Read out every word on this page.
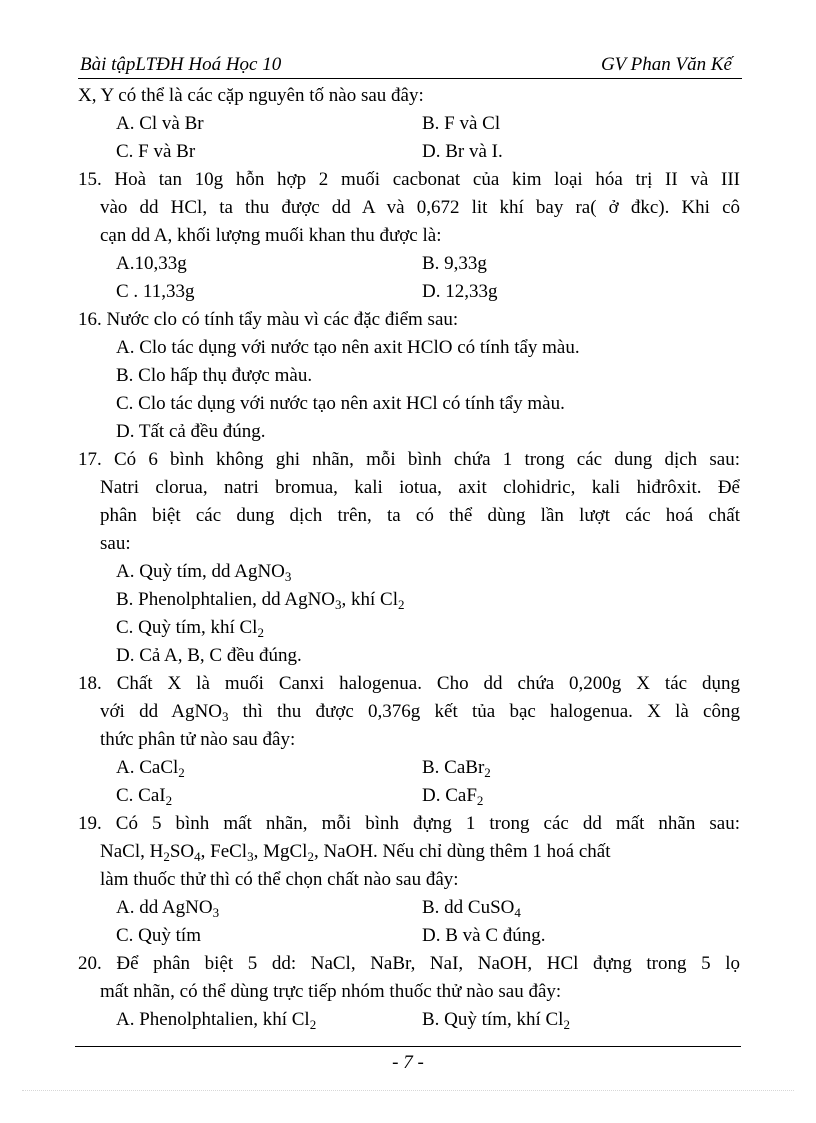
Bài tậpLTĐH Hoá Học 10	GV Phan Văn Kế
X, Y có thể là các cặp nguyên tố nào sau đây:
A. Cl và Br	B. F và Cl
C. F và Br	D. Br và I.
15. Hoà tan 10g hỗn hợp 2 muối cacbonat của kim loại hóa trị II và III
vào dd HCl, ta thu được dd A và 0,672 lit khí bay ra( ở đkc). Khi cô
cạn dd A, khối lượng muối khan thu được là:
A.10,33g	B. 9,33g
C . 11,33g	D. 12,33g
16. Nước clo có tính tẩy màu vì các đặc điểm sau:
A. Clo tác dụng với nước tạo nên axit HClO có tính tẩy màu.
B. Clo hấp thụ được màu.
C. Clo tác dụng với nước tạo nên axit HCl có tính tẩy màu.
D. Tất cả đều đúng.
17. Có 6 bình không ghi nhãn, mỗi bình chứa 1 trong các dung dịch sau:
Natri clorua, natri bromua, kali iotua, axit clohidric, kali hiđrôxit. Để
phân biệt các dung dịch trên, ta có thể dùng lần lượt các hoá chất
sau:
A. Quỳ tím, dd AgNO$_3$
B. Phenolphtalien, dd AgNO$_3$, khí $Cl_2$
C. Quỳ tím, khí $Cl_2$
D. Cả A, B, C đều đúng.
18. Chất X là muối Canxi halogenua. Cho dd chứa 0,200g X tác dụng
với dd AgNO$_3$ thì thu được 0,376g kết tủa bạc halogenua. X là công
thức phân tử nào sau đây:
A. CaCl$_2$	B. CaBr$_2$
C. CaI$_2$	D. CaF$_2$
19. Có 5 bình mất nhãn, mỗi bình đựng 1 trong các dd mất nhãn sau:
NaCl, $H_2SO_4$, FeCl$_3$, MgCl$_2$, NaOH. Nếu chỉ dùng thêm 1 hoá chất
làm thuốc thử thì có thể chọn chất nào sau đây:
A. dd AgNO$_3$	B. dd CuSO$_4$
C. Quỳ tím	D. B và C đúng.
20. Để phân biệt 5 dd: NaCl, NaBr, NaI, NaOH, HCl đựng trong 5 lọ
mất nhãn, có thể dùng trực tiếp nhóm thuốc thử nào sau đây:
A. Phenolphtalien, khí $Cl_2$	B. Quỳ tím, khí $Cl_2$
- 7 -
